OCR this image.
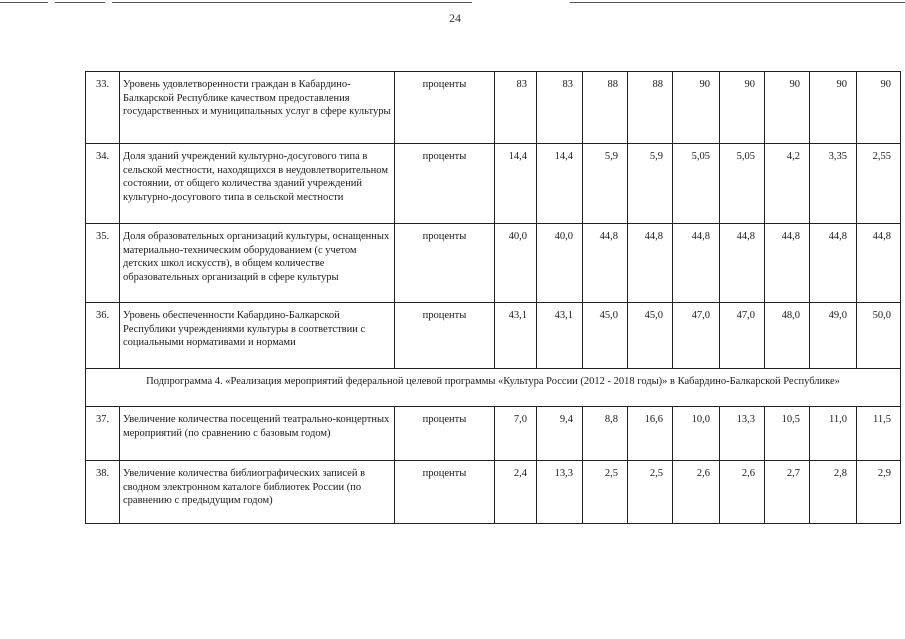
24
33.	Уровень удовлетворенности граждан в Кабардино-Балкарской Республике качеством предоставления государственных и муниципальных услуг в сфере культуры	проценты	83	83	88	88	90	90	90	90	90
34.	Доля зданий учреждений культурно-досугового типа в сельской местности, находящихся в неудовлетворительном состоянии, от общего количества зданий учреждений культурно-досугового типа в сельской местности	проценты	14,4	14,4	5,9	5,9	5,05	5,05	4,2	3,35	2,55
35.	Доля образовательных организаций культуры, оснащенных материально-техническим оборудованием (с учетом детских школ искусств), в общем количестве образовательных организаций в сфере культуры	проценты	40,0	40,0	44,8	44,8	44,8	44,8	44,8	44,8	44,8
36.	Уровень обеспеченности Кабардино-Балкарской Республики учреждениями культуры в соответствии с социальными нормативами и нормами	проценты	43,1	43,1	45,0	45,0	47,0	47,0	48,0	49,0	50,0
Подпрограмма 4. «Реализация мероприятий федеральной целевой программы «Культура России (2012 - 2018 годы)» в Кабардино-Балкарской Республике»											
37.	Увеличение количества посещений театрально-концертных мероприятий (по сравнению с базовым годом)	проценты	7,0	9,4	8,8	16,6	10,0	13,3	10,5	11,0	11,5
38.	Увеличение количества библиографических записей в сводном электронном каталоге библиотек России (по сравнению с предыдущим годом)	проценты	2,4	13,3	2,5	2,5	2,6	2,6	2,7	2,8	2,9
